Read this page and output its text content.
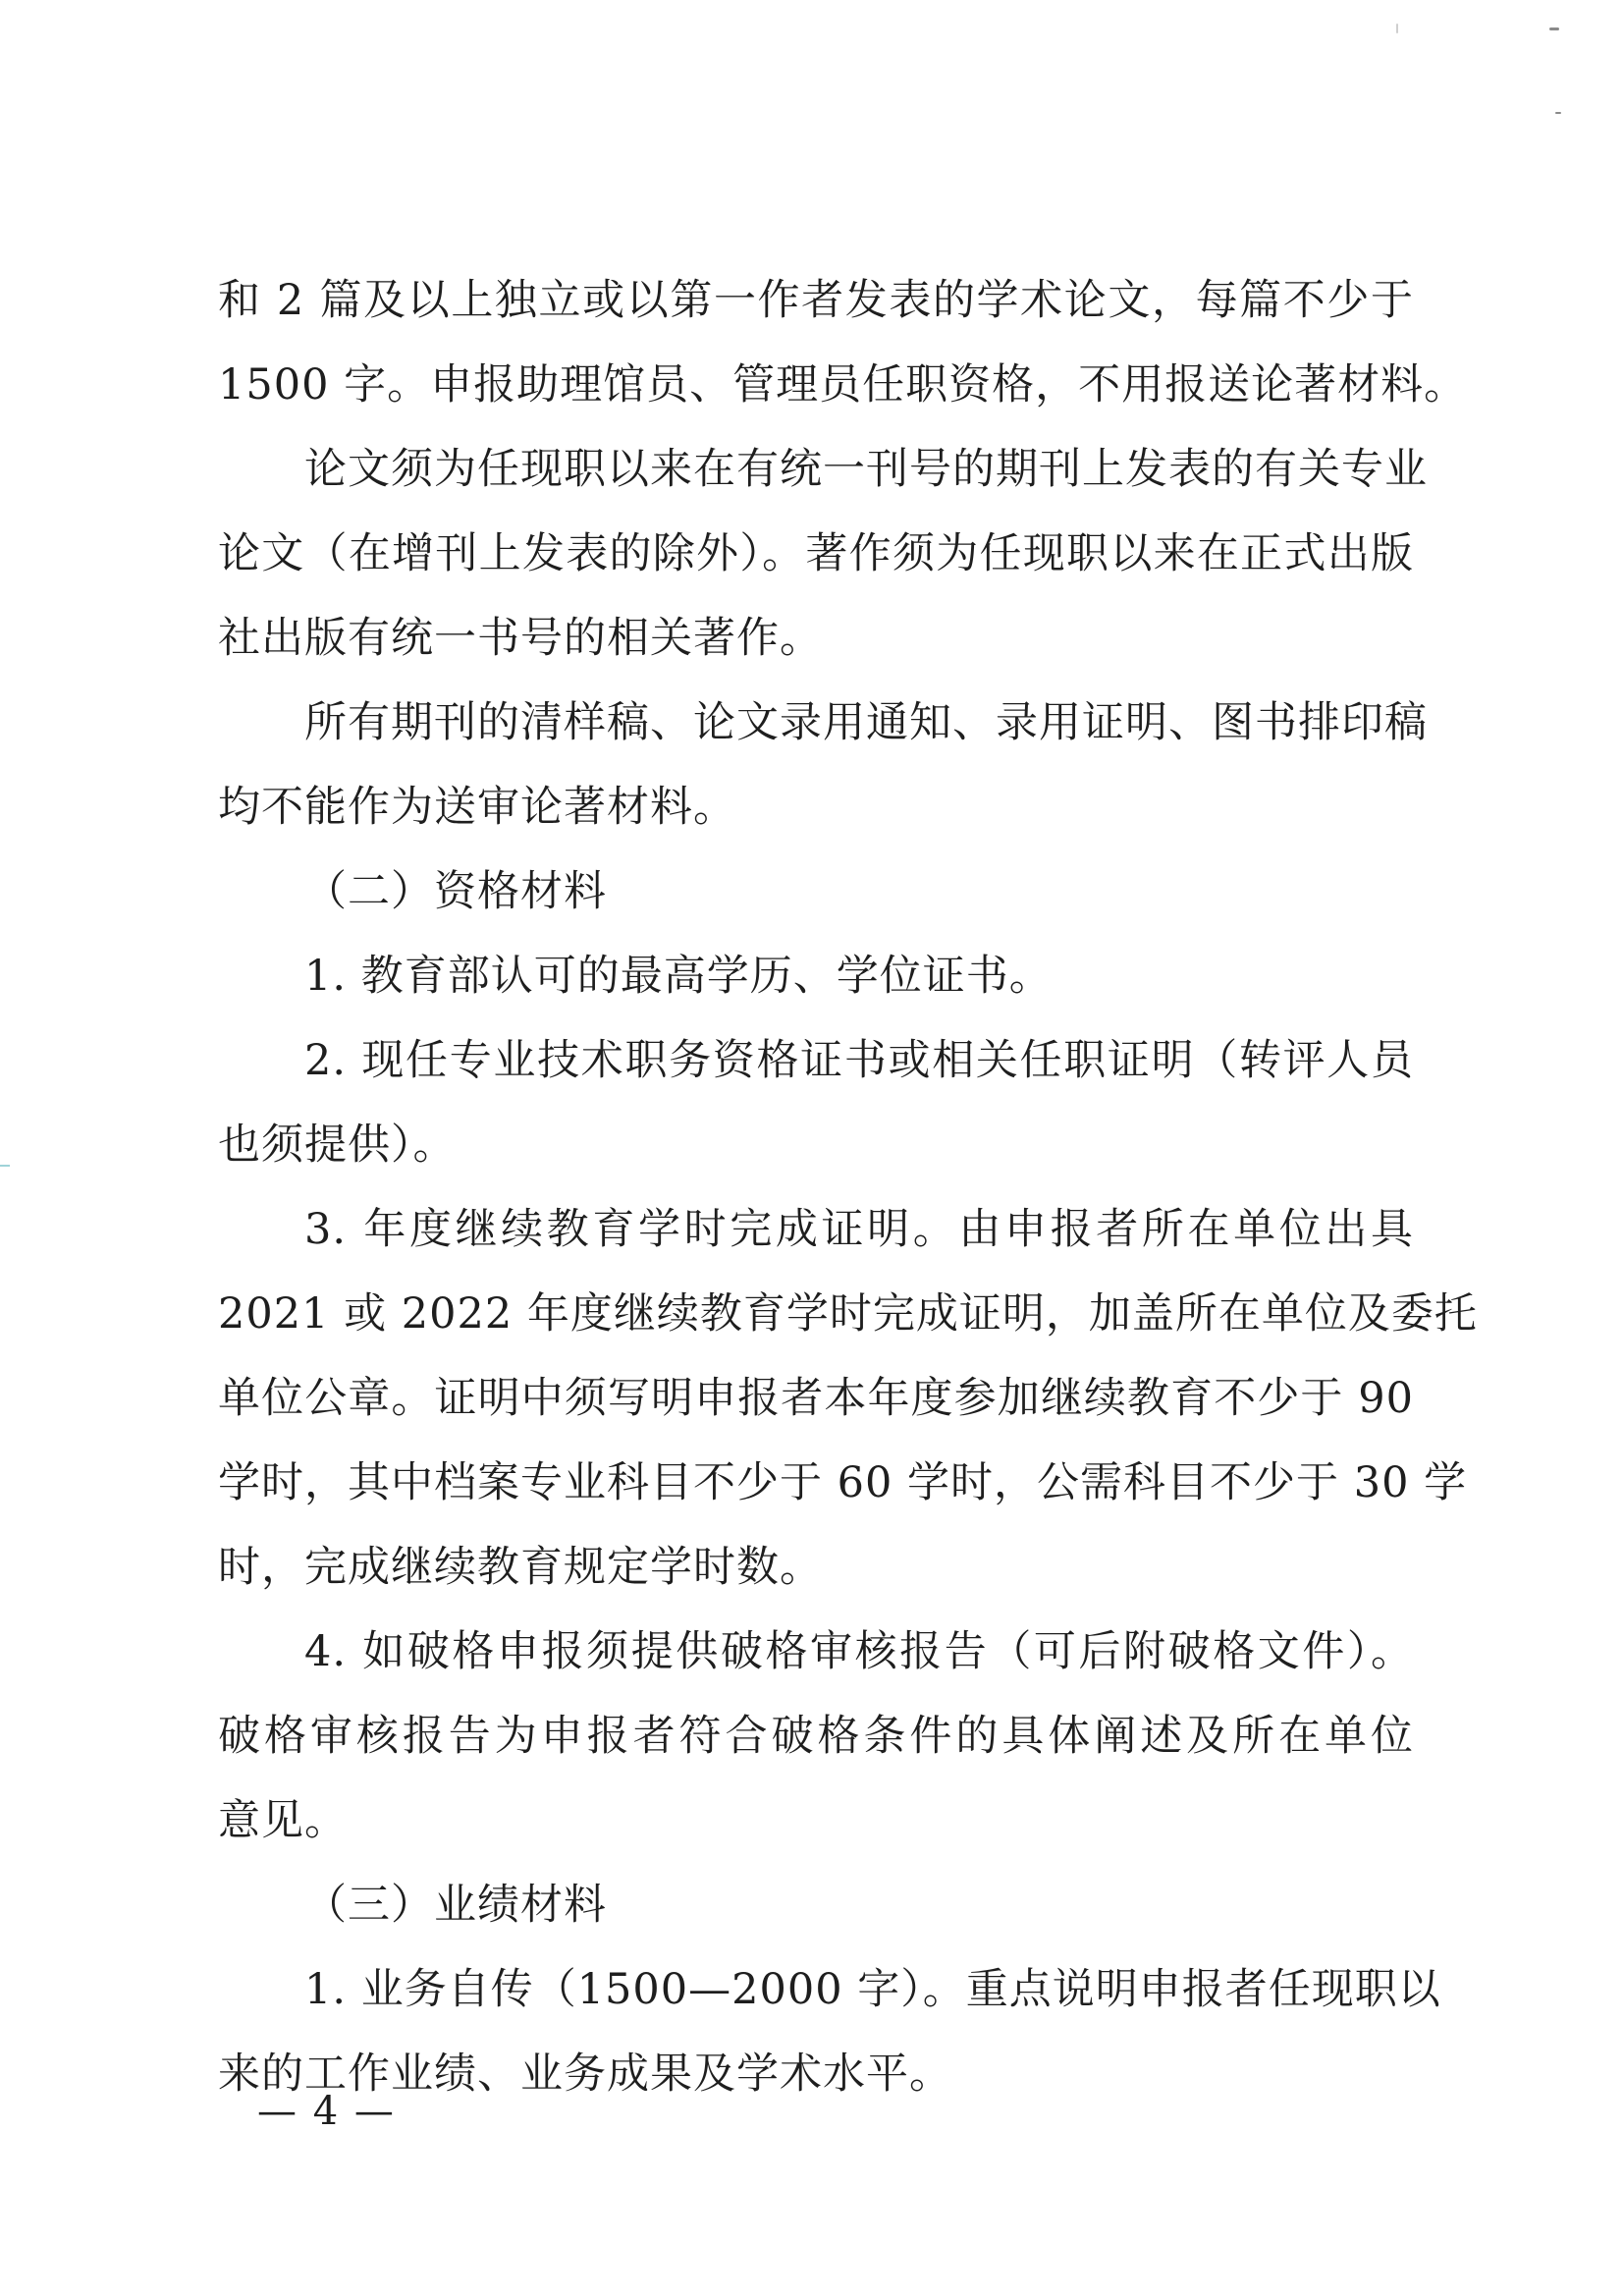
和 2 篇及以上独立或以第一作者发表的学术论文，每篇不少于
1500 字。申报助理馆员、管理员任职资格，不用报送论著材料。
论文须为任现职以来在有统一刊号的期刊上发表的有关专业
论文（在增刊上发表的除外）。著作须为任现职以来在正式出版
社出版有统一书号的相关著作。
所有期刊的清样稿、论文录用通知、录用证明、图书排印稿
均不能作为送审论著材料。
（二）资格材料
1. 教育部认可的最高学历、学位证书。
2. 现任专业技术职务资格证书或相关任职证明（转评人员
也须提供）。
3. 年度继续教育学时完成证明。由申报者所在单位出具
2021 或 2022 年度继续教育学时完成证明，加盖所在单位及委托
单位公章。证明中须写明申报者本年度参加继续教育不少于 90
学时，其中档案专业科目不少于 60 学时，公需科目不少于 30 学
时，完成继续教育规定学时数。
4. 如破格申报须提供破格审核报告（可后附破格文件）。
破格审核报告为申报者符合破格条件的具体阐述及所在单位
意见。
（三）业绩材料
1. 业务自传（1500—2000 字）。重点说明申报者任现职以
来的工作业绩、业务成果及学术水平。
— 4 —
